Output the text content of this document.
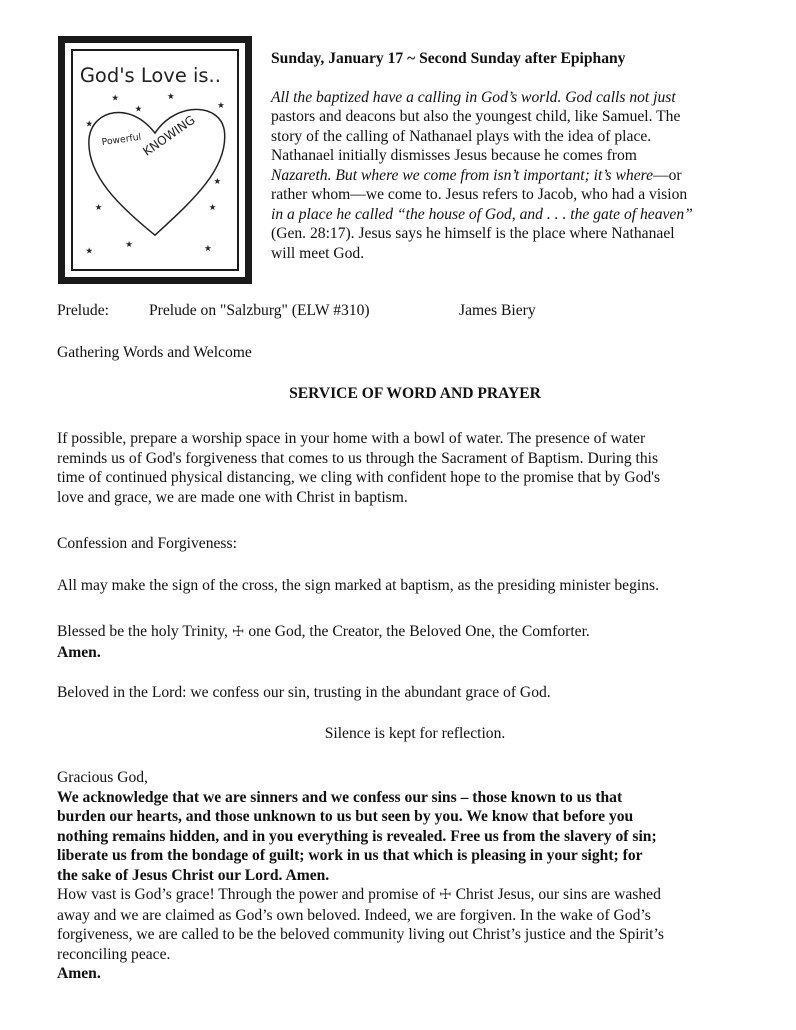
God's Love is..
Powerful
KNOWING
★	★
★
★
★
★	★
★
★	★
★

Sunday, January 17 ~ Second Sunday after Epiphany

All the baptized have a calling in God’s world. God calls not just

pastors and deacons but also the youngest child, like Samuel. The

story of the calling of Nathanael plays with the idea of place.

Nathanael initially dismisses Jesus because he comes from

Nazareth. But where we come from isn’t important; it’s where—or

rather whom—we come to. Jesus refers to Jacob, who had a vision

in a place he called “the house of God, and . . . the gate of heaven”

(Gen. 28:17). Jesus says he himself is the place where Nathanael

will meet God.

Prelude:	Prelude on "Salzburg" (ELW #310)	James Biery

Gathering Words and Welcome

SERVICE OF WORD AND PRAYER

If possible, prepare a worship space in your home with a bowl of water. The presence of water

reminds us of God's forgiveness that comes to us through the Sacrament of Baptism. During this

time of continued physical distancing, we cling with confident hope to the promise that by God's

love and grace, we are made one with Christ in baptism.

Confession and Forgiveness:

All may make the sign of the cross, the sign marked at baptism, as the presiding minister begins.

Blessed be the holy Trinity, ☩ one God, the Creator, the Beloved One, the Comforter.

Amen.

Beloved in the Lord: we confess our sin, trusting in the abundant grace of God.

Silence is kept for reflection.

Gracious God,

We acknowledge that we are sinners and we confess our sins – those known to us that

burden our hearts, and those unknown to us but seen by you. We know that before you

nothing remains hidden, and in you everything is revealed. Free us from the slavery of sin;

liberate us from the bondage of guilt; work in us that which is pleasing in your sight; for

the sake of Jesus Christ our Lord. Amen.

How vast is God’s grace! Through the power and promise of ☩ Christ Jesus, our sins are washed

away and we are claimed as God’s own beloved. Indeed, we are forgiven. In the wake of God’s

forgiveness, we are called to be the beloved community living out Christ’s justice and the Spirit’s

reconciling peace.

Amen.
